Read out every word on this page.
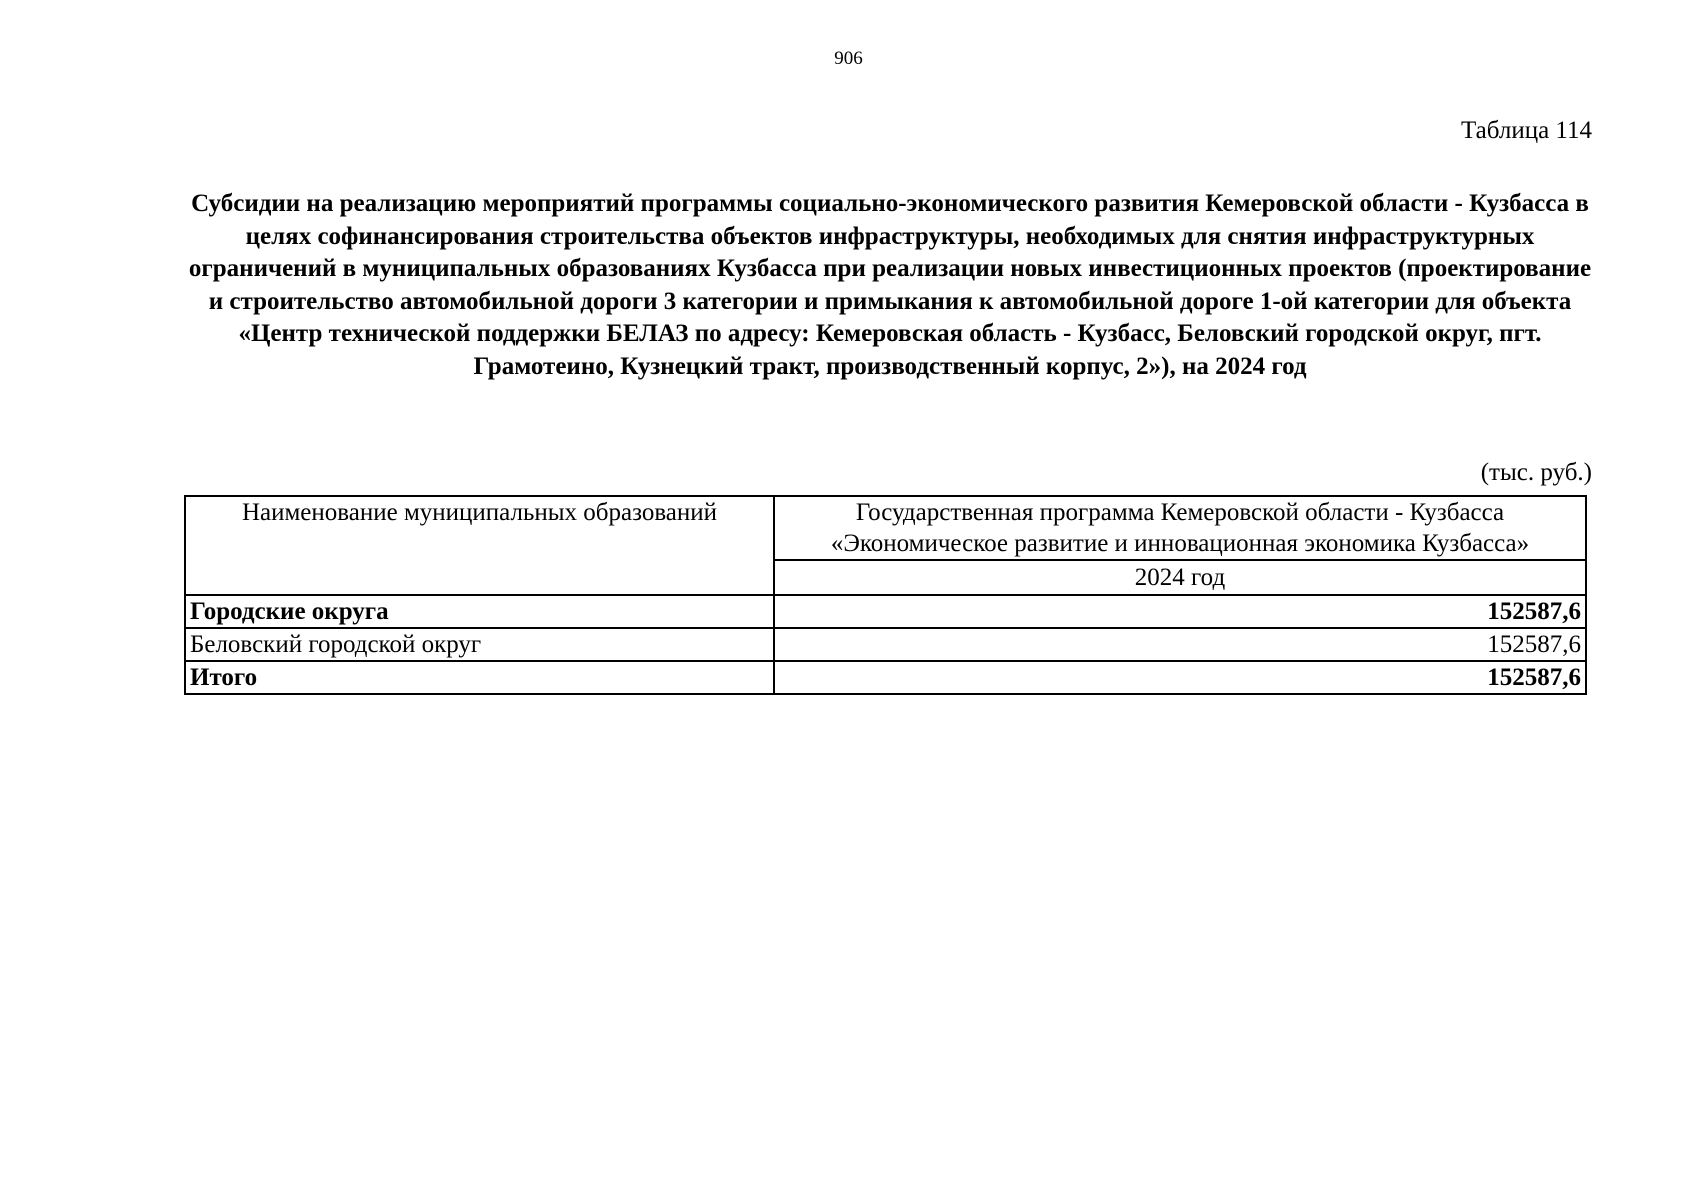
906
Таблица 114
Субсидии на реализацию мероприятий программы социально-экономического развития Кемеровской области - Кузбасса в целях софинансирования строительства объектов инфраструктуры, необходимых для снятия инфраструктурных ограничений в муниципальных образованиях Кузбасса при реализации новых инвестиционных проектов (проектирование и строительство автомобильной дороги 3 категории и примыкания к автомобильной дороге 1-ой категории для объекта «Центр технической поддержки БЕЛАЗ по адресу: Кемеровская область - Кузбасс, Беловский городской округ, пгт. Грамотеино, Кузнецкий тракт, производственный корпус, 2»), на 2024 год
(тыс. руб.)
Наименование муниципальных образований	Государственная программа Кемеровской области - Кузбасса
«Экономическое развитие и инновационная экономика Кузбасса»

	2024 год
Городские округа	152587,6
Беловский городской округ	152587,6
Итого	152587,6
